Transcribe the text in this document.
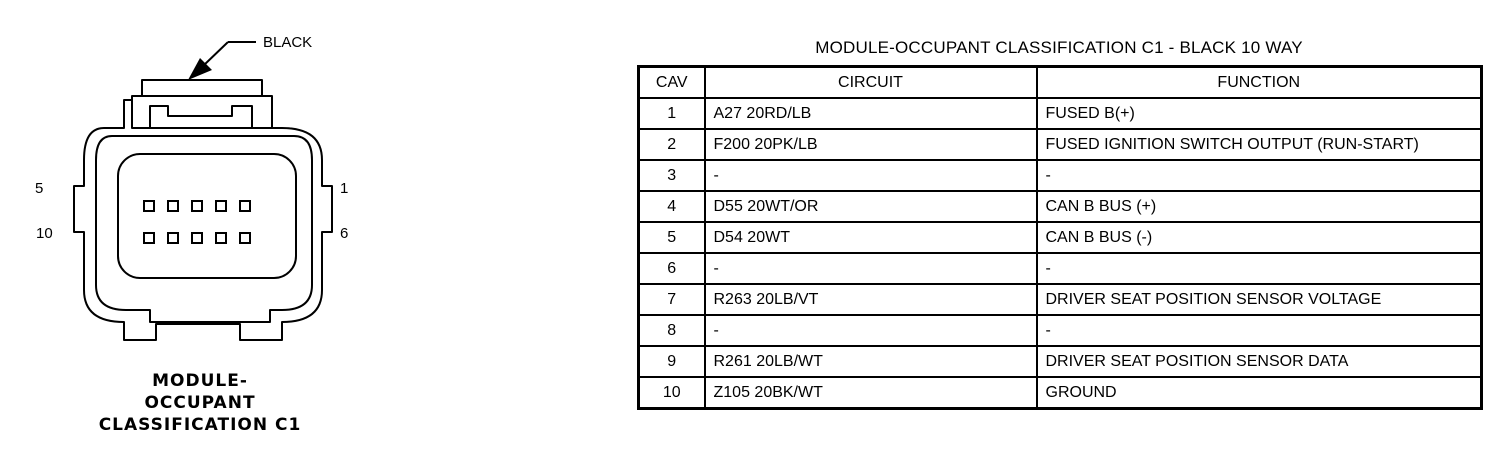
BLACK
5
10
1
6
MODULE-
OCCUPANT
CLASSIFICATION C1
MODULE-OCCUPANT CLASSIFICATION C1 - BLACK 10 WAY
CAV	CIRCUIT	FUNCTION
1	A27 20RD/LB	FUSED B(+)
2	F200 20PK/LB	FUSED IGNITION SWITCH OUTPUT (RUN-START)
3	-	-
4	D55 20WT/OR	CAN B BUS (+)
5	D54 20WT	CAN B BUS (-)
6	-	-
7	R263 20LB/VT	DRIVER SEAT POSITION SENSOR VOLTAGE
8	-	-
9	R261 20LB/WT	DRIVER SEAT POSITION SENSOR DATA
10	Z105 20BK/WT	GROUND
